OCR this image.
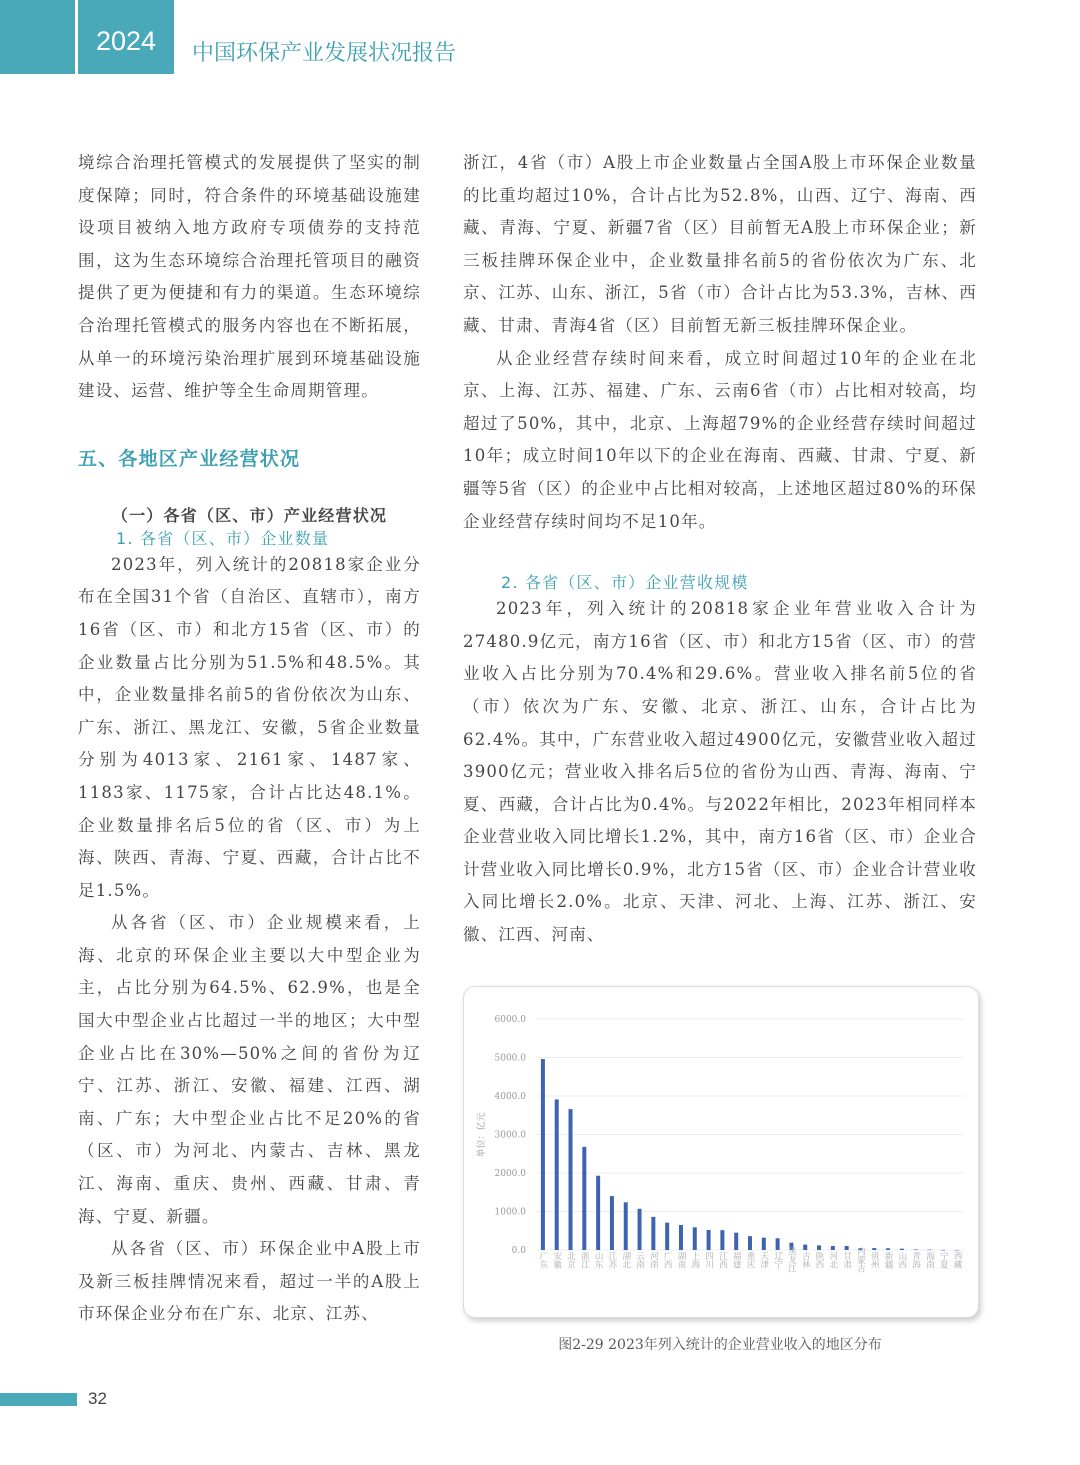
2024	中国环保产业发展状况报告

境综合治理托管模式的发展提供了坚实的制度保障；同时，符合条件的环境基础设施建设项目被纳入地方政府专项债券的支持范围，这为生态环境综合治理托管项目的融资提供了更为便捷和有力的渠道。生态环境综合治理托管模式的服务内容也在不断拓展，从单一的环境污染治理扩展到环境基础设施建设、运营、维护等全生命周期管理。

五、各地区产业经营状况
（一）各省（区、市）产业经营状况
1. 各省（区、市）企业数量

2023年，列入统计的20818家企业分布在全国31个省（自治区、直辖市），南方16省（区、市）和北方15省（区、市）的企业数量占比分别为51.5%和48.5%。其中，企业数量排名前5的省份依次为山东、广东、浙江、黑龙江、安徽，5省企业数量分别为4013家、2161家、1487家、1183家、1175家，合计占比达48.1%。企业数量排名后5位的省（区、市）为上海、陕西、青海、宁夏、西藏，合计占比不足1.5%。

从各省（区、市）企业规模来看，上海、北京的环保企业主要以大中型企业为主，占比分别为64.5%、62.9%，也是全国大中型企业占比超过一半的地区；大中型企业占比在30%—50%之间的省份为辽宁、江苏、浙江、安徽、福建、江西、湖南、广东；大中型企业占比不足20%的省（区、市）为河北、内蒙古、吉林、黑龙江、海南、重庆、贵州、西藏、甘肃、青海、宁夏、新疆。

从各省（区、市）环保企业中A股上市及新三板挂牌情况来看，超过一半的A股上市环保企业分布在广东、北京、江苏、

浙江，4省（市）A股上市企业数量占全国A股上市环保企业数量的比重均超过10%，合计占比为52.8%，山西、辽宁、海南、西藏、青海、宁夏、新疆7省（区）目前暂无A股上市环保企业；新三板挂牌环保企业中，企业数量排名前5的省份依次为广东、北京、江苏、山东、浙江，5省（市）合计占比为53.3%，吉林、西藏、甘肃、青海4省（区）目前暂无新三板挂牌环保企业。

从企业经营存续时间来看，成立时间超过10年的企业在北京、上海、江苏、福建、广东、云南6省（市）占比相对较高，均超过了50%，其中，北京、上海超79%的企业经营存续时间超过10年；成立时间10年以下的企业在海南、西藏、甘肃、宁夏、新疆等5省（区）的企业中占比相对较高，上述地区超过80%的环保企业经营存续时间均不足10年。

2. 各省（区、市）企业营收规模

2023年，列入统计的20818家企业年营业收入合计为27480.9亿元，南方16省（区、市）和北方15省（区、市）的营业收入占比分别为70.4%和29.6%。营业收入排名前5位的省（市）依次为广东、安徽、北京、浙江、山东，合计占比为62.4%。其中，广东营业收入超过4900亿元，安徽营业收入超过3900亿元；营业收入排名后5位的省份为山西、青海、海南、宁夏、西藏，合计占比为0.4%。与2022年相比，2023年相同样本企业营业收入同比增长1.2%，其中，南方16省（区、市）企业合计营业收入同比增长0.9%，北方15省（区、市）企业合计营业收入同比增长2.0%。北京、天津、河北、上海、江苏、浙江、安徽、江西、河南、

0.0
1000.0
2000.0
3000.0
4000.0
5000.0
6000.0
单位：亿元
广东 安徽 北京 浙江 山东 江苏 湖北 云南 河南 广西 湖南 上海 四川 江西 福建 重庆 天津 辽宁 黑龙江 吉林 陕西 河北 甘肃 内蒙古 贵州 新疆 山西 青海 海南 宁夏 西藏
图2-29 2023年列入统计的企业营业收入的地区分布
32
